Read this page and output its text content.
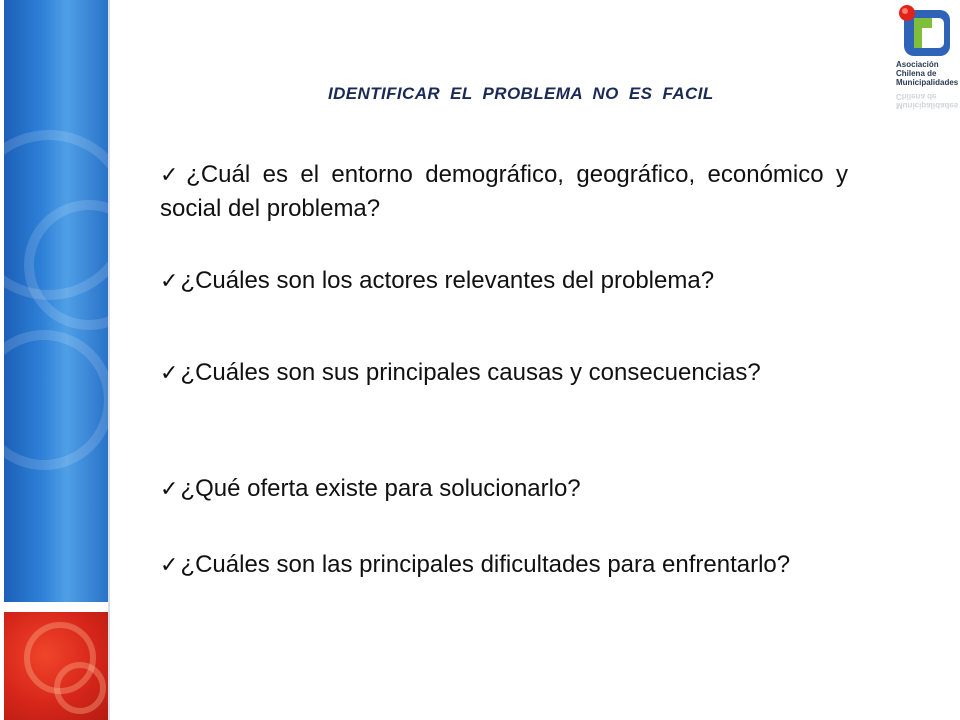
Asociación
Chilena de
Municipalidades
Municipalidades
Chilena de
IDENTIFICAR EL PROBLEMA NO ES FACIL
✓¿Cuál es el entorno demográfico, geográfico, económico y social del problema?
✓¿Cuáles son los actores relevantes del problema?
✓¿Cuáles son sus principales causas y consecuencias?
✓¿Qué oferta existe para solucionarlo?
✓¿Cuáles son las principales dificultades para enfrentarlo?
